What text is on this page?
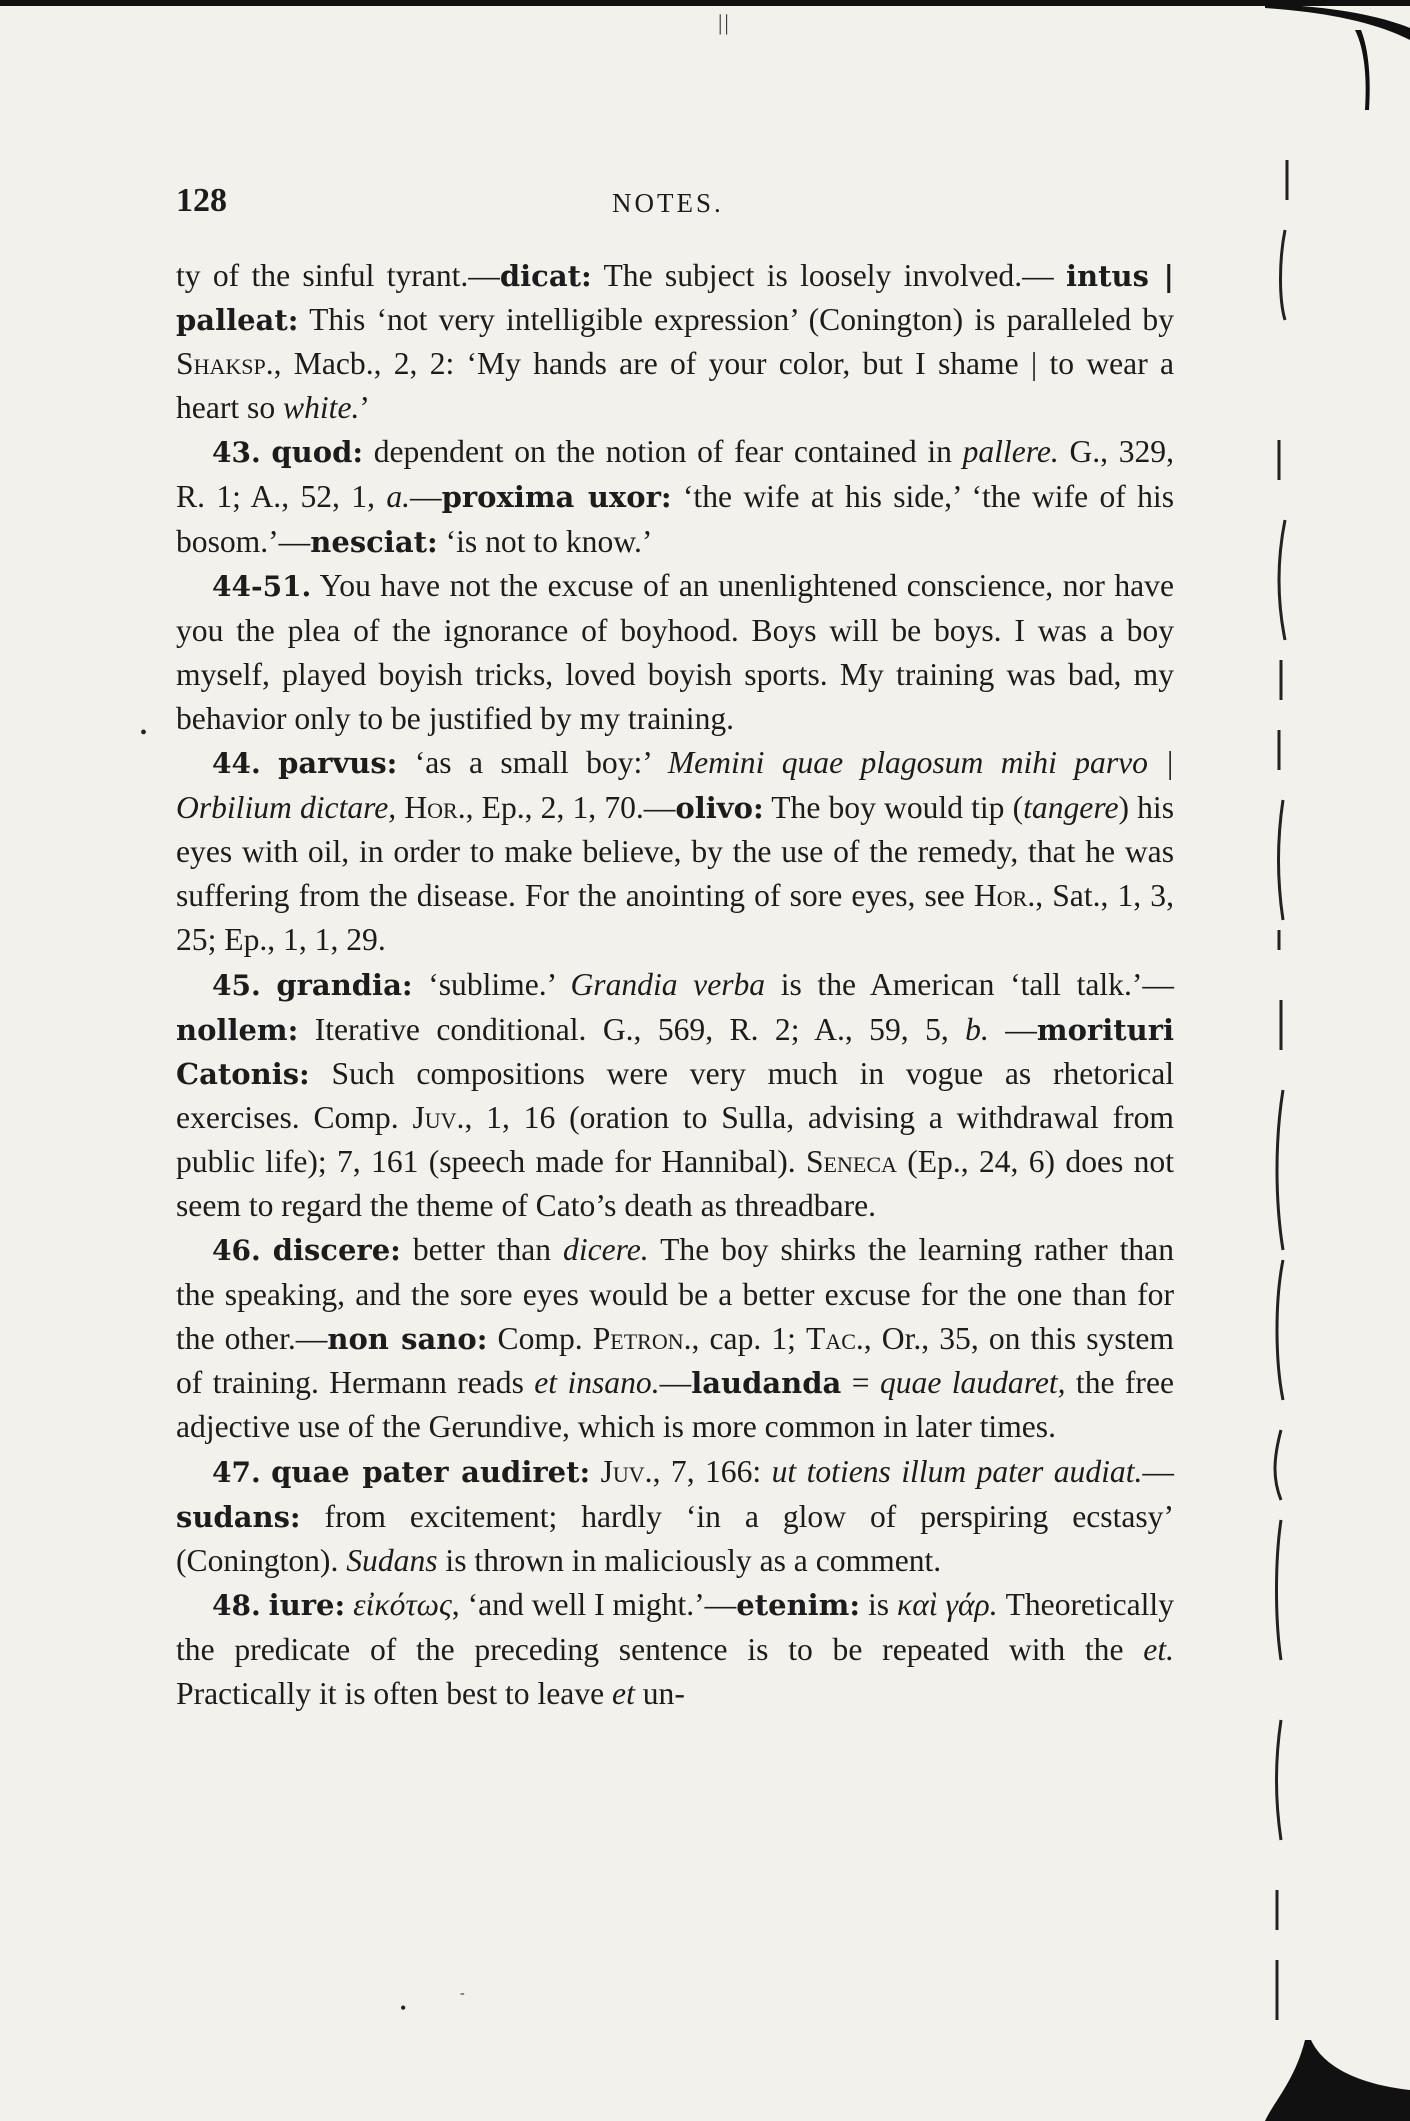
||
128	NOTES.

ty of the sinful tyrant.—dicat: The subject is loosely involved.— intus | palleat: This ‘not very intelligible expression’ (Conington) is paralleled by Shaksp., Macb., 2, 2: ‘My hands are of your color, but I shame | to wear a heart so white.’

43. quod: dependent on the notion of fear contained in pallere. G., 329, R. 1; A., 52, 1, a.—proxima uxor: ‘the wife at his side,’ ‘the wife of his bosom.’—nesciat: ‘is not to know.’

44-51. You have not the excuse of an unenlightened conscience, nor have you the plea of the ignorance of boyhood. Boys will be boys. I was a boy myself, played boyish tricks, loved boyish sports. My training was bad, my behavior only to be justified by my training.

44. parvus: ‘as a small boy:’ Memini quae plagosum mihi parvo | Orbilium dictare, Hor., Ep., 2, 1, 70.—olivo: The boy would tip (tangere) his eyes with oil, in order to make believe, by the use of the remedy, that he was suffering from the disease. For the anointing of sore eyes, see Hor., Sat., 1, 3, 25; Ep., 1, 1, 29.

45. grandia: ‘sublime.’ Grandia verba is the American ‘tall talk.’—nollem: Iterative conditional. G., 569, R. 2; A., 59, 5, b. —morituri Catonis: Such compositions were very much in vogue as rhetorical exercises. Comp. Juv., 1, 16 (oration to Sulla, advising a withdrawal from public life); 7, 161 (speech made for Hannibal). Seneca (Ep., 24, 6) does not seem to regard the theme of Cato’s death as threadbare.

46. discere: better than dicere. The boy shirks the learning rather than the speaking, and the sore eyes would be a better excuse for the one than for the other.—non sano: Comp. Petron., cap. 1; Tac., Or., 35, on this system of training. Hermann reads et insano.—laudanda = quae laudaret, the free adjective use of the Gerundive, which is more common in later times.

47. quae pater audiret: Juv., 7, 166: ut totiens illum pater audiat.—sudans: from excitement; hardly ‘in a glow of perspiring ecstasy’ (Conington). Sudans is thrown in maliciously as a comment.

48. iure: εἰκότως, ‘and well I might.’—etenim: is καὶ γάρ. Theoretically the predicate of the preceding sentence is to be repeated with the et. Practically it is often best to leave et un-

•
•
-
